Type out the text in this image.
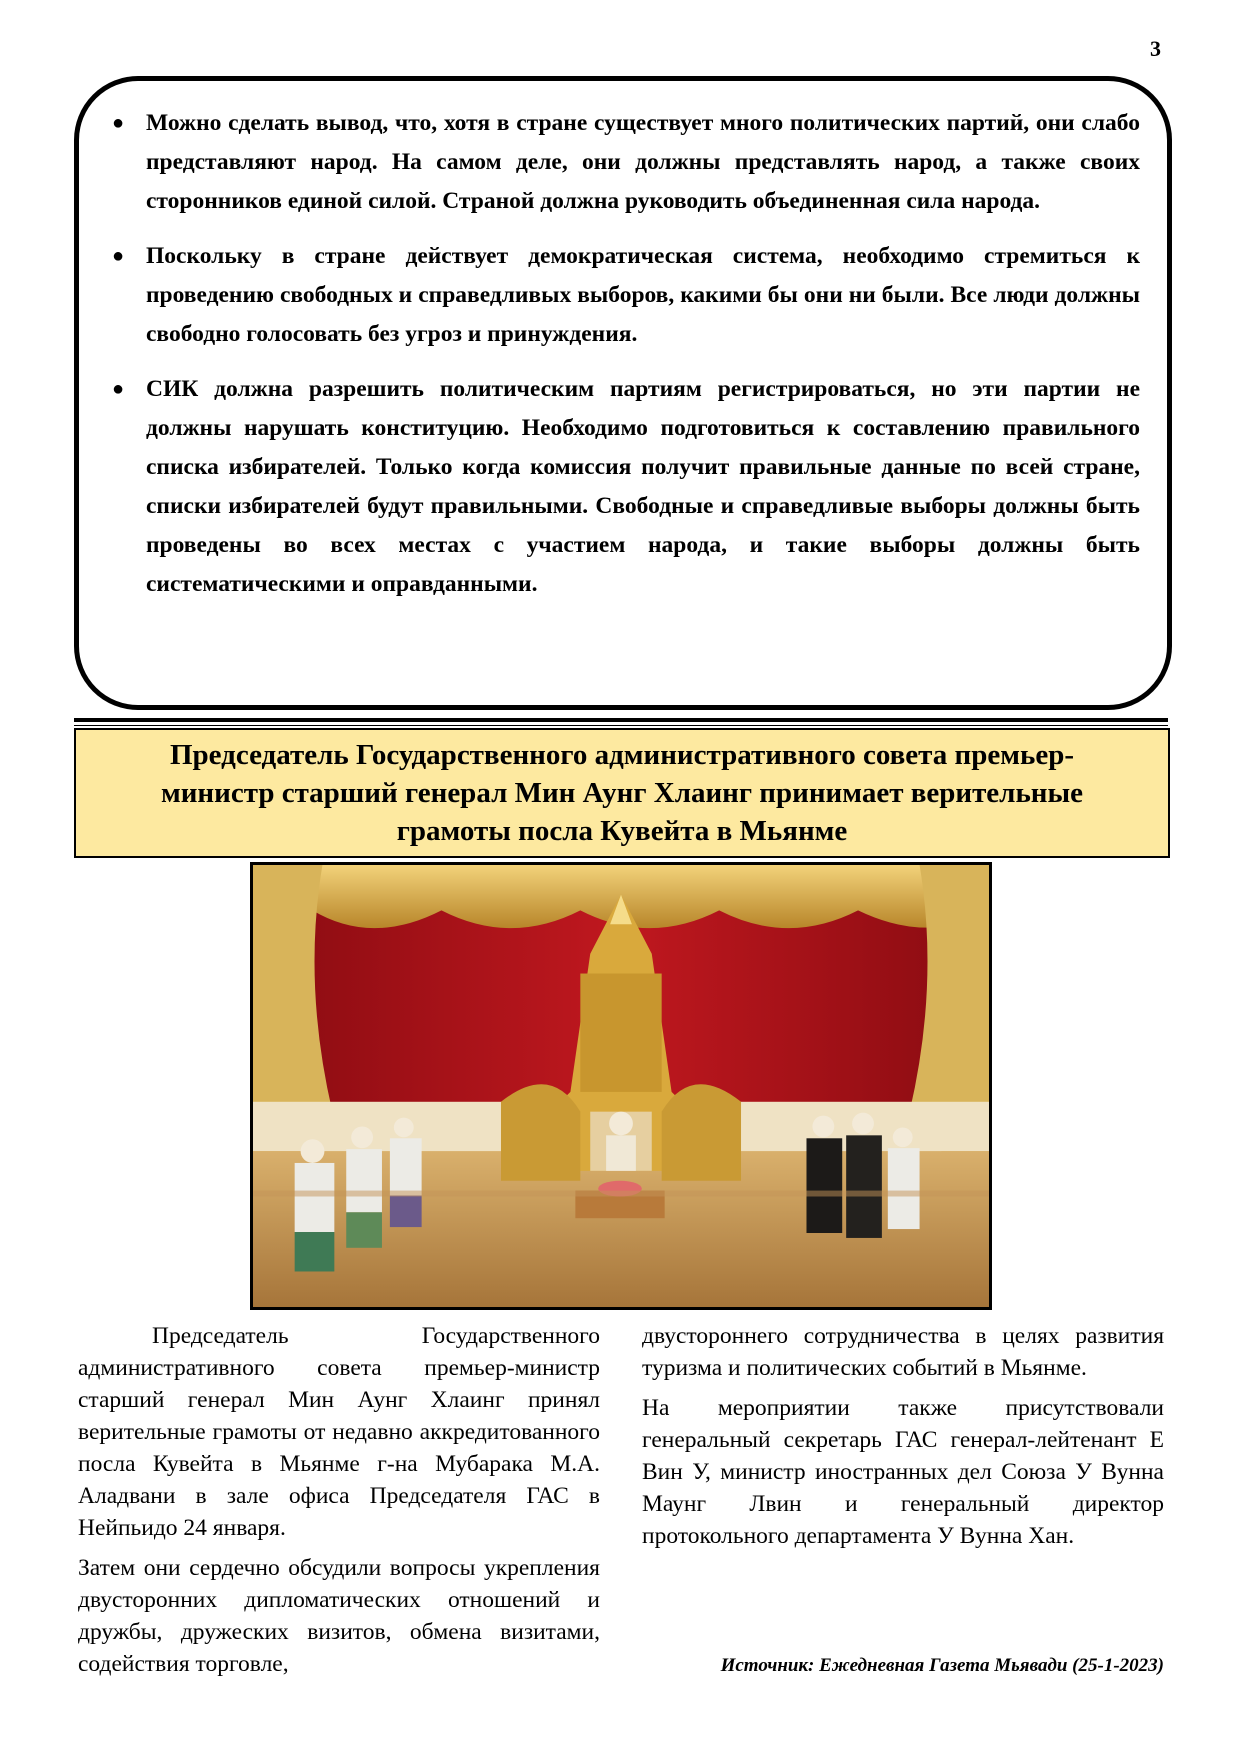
3
● Можно сделать вывод, что, хотя в стране существует много политических партий, они слабо представляют народ. На самом деле, они должны представлять народ, а также своих сторонников единой силой. Страной должна руководить объединенная сила народа.
● Поскольку в стране действует демократическая система, необходимо стремиться к проведению свободных и справедливых выборов, какими бы они ни были. Все люди должны свободно голосовать без угроз и принуждения.
● СИК должна разрешить политическим партиям регистрироваться, но эти партии не должны нарушать конституцию. Необходимо подготовиться к составлению правильного списка избирателей. Только когда комиссия получит правильные данные по всей стране, списки избирателей будут правильными. Свободные и справедливые выборы должны быть проведены во всех местах с участием народа, и такие выборы должны быть систематическими и оправданными.
Председатель Государственного административного совета премьер-министр старший генерал Мин Аунг Хлаинг принимает верительные грамоты посла Кувейта в Мьянме

Председатель Государственного административного совета премьер-министр старший генерал Мин Аунг Хлаинг принял верительные грамоты от недавно аккредитованного посла Кувейта в Мьянме г-на Мубарака М.А. Аладвани в зале офиса Председателя ГАС в Нейпьидо 24 января.

Затем они сердечно обсудили вопросы укрепления двусторонних дипломатических отношений и дружбы, дружеских визитов, обмена визитами, содействия торговле,

двустороннего сотрудничества в целях развития туризма и политических событий в Мьянме.

На мероприятии также присутствовали генеральный секретарь ГАС генерал-лейтенант Е Вин У, министр иностранных дел Союза У Вунна Маунг Лвин и генеральный директор протокольного департамента У Вунна Хан.

Источник: Ежедневная Газета Мьявади (25-1-2023)
